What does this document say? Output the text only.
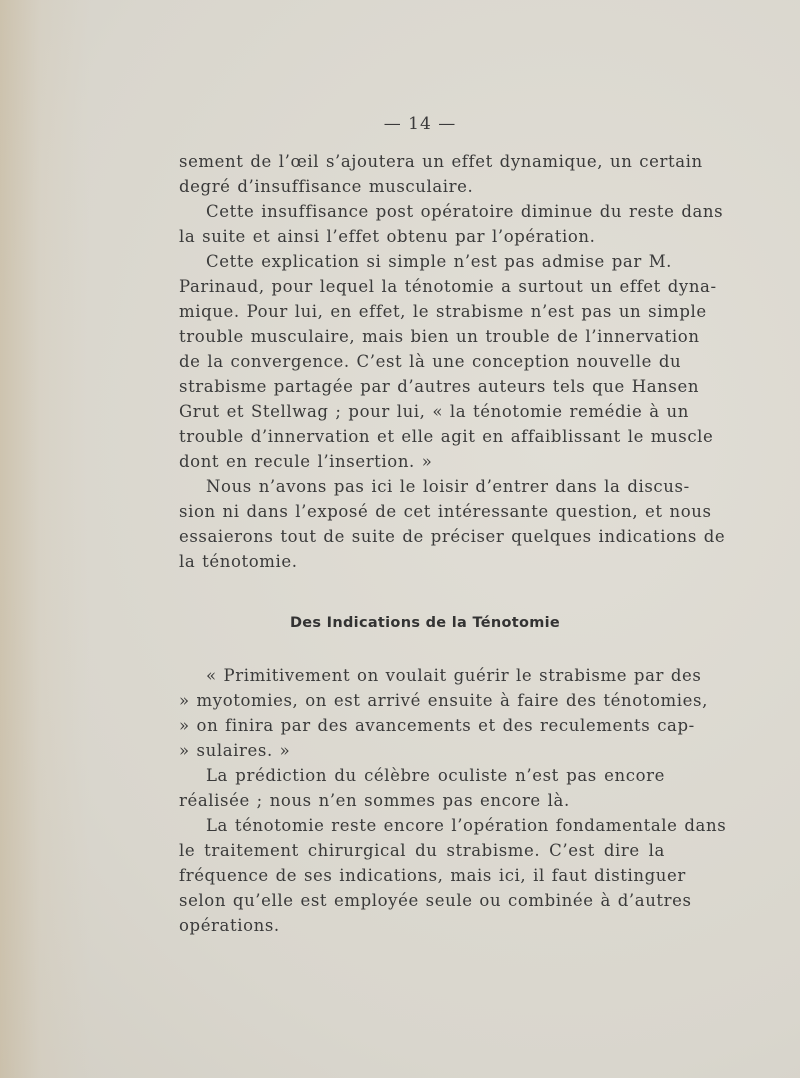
— 14 —
sement de l’œil s’ajoutera un effet dynamique, un certain
degré d’insuffisance musculaire.
Cette insuffisance post opératoire diminue du reste dans
la suite et ainsi l’effet obtenu par l’opération.
Cette explication si simple n’est pas admise par M.
Parinaud, pour lequel la ténotomie a surtout un effet dyna-
mique. Pour lui, en effet, le strabisme n’est pas un simple
trouble musculaire, mais bien un trouble de l’innervation
de la convergence. C’est là une conception nouvelle du
strabisme partagée par d’autres auteurs tels que Hansen
Grut et Stellwag ; pour lui, « la ténotomie remédie à un
trouble d’innervation et elle agit en affaiblissant le muscle
dont en recule l’insertion. »
Nous n’avons pas ici le loisir d’entrer dans la discus-
sion ni dans l’exposé de cet intéressante question, et nous
essaierons tout de suite de préciser quelques indications de
la ténotomie.
Des Indications de la Ténotomie
« Primitivement on voulait guérir le strabisme par des
» myotomies, on est arrivé ensuite à faire des ténotomies,
» on finira par des avancements et des reculements cap-
» sulaires. »
La prédiction du célèbre oculiste n’est pas encore
réalisée ; nous n’en sommes pas encore là.
La ténotomie reste encore l’opération fondamentale dans
le traitement chirurgical du strabisme. C’est dire la
fréquence de ses indications, mais ici, il faut distinguer
selon qu’elle est employée seule ou combinée à d’autres
opérations.
